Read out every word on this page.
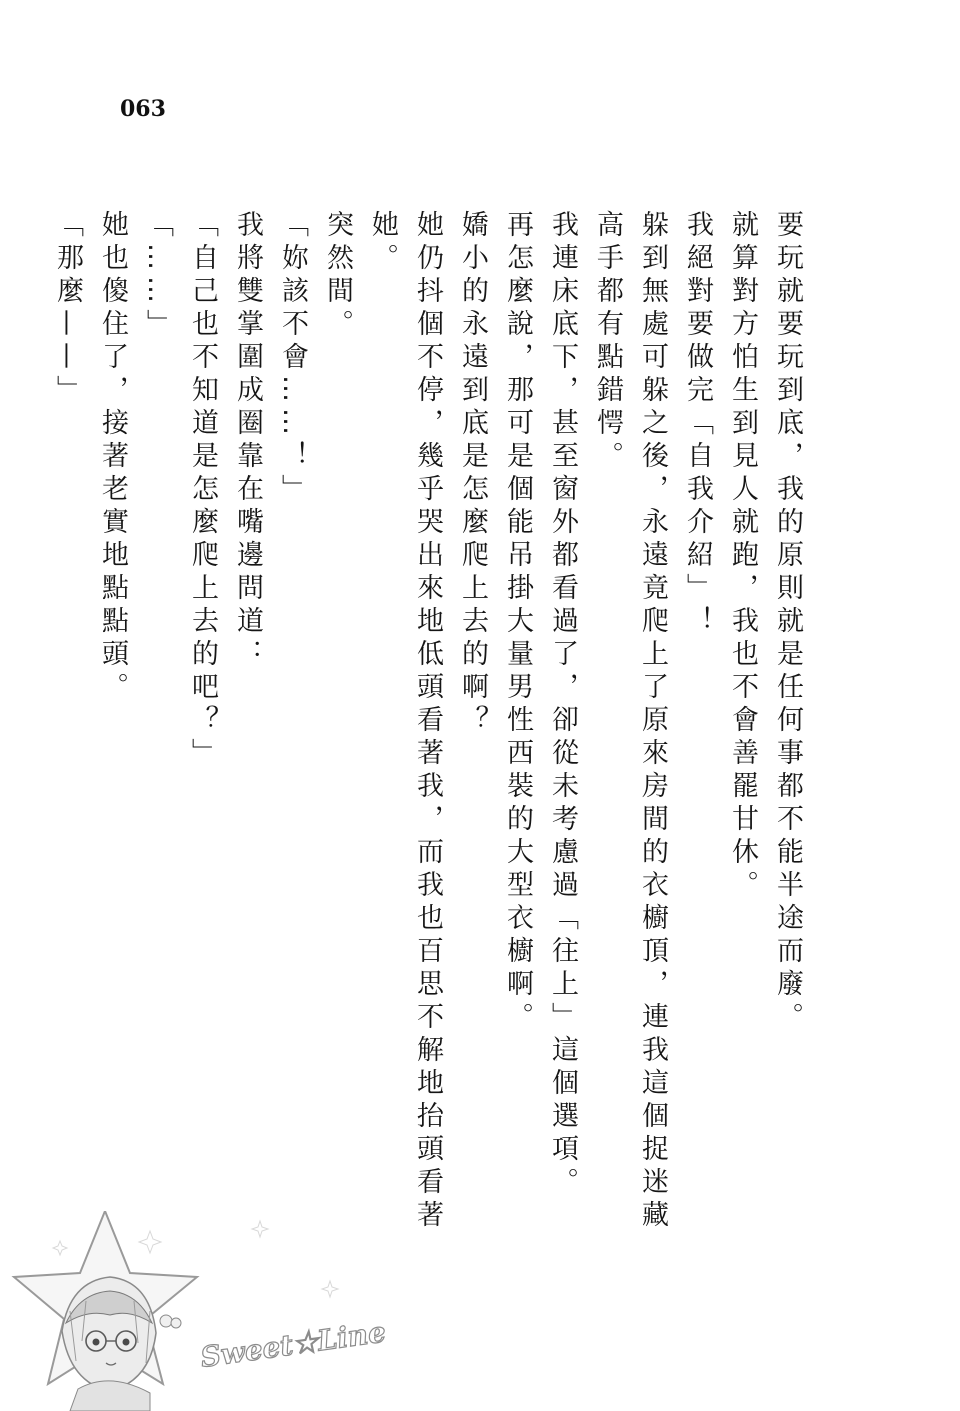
063

要玩就要玩到底，我的原則就是任何事都不能半途而廢。

就算對方怕生到見人就跑，我也不會善罷甘休。

我絕對要做完「自我介紹」！

躲到無處可躲之後，永遠竟爬上了原來房間的衣櫥頂，連我這個捉迷藏高手都有點錯愕。

我連床底下，甚至窗外都看過了，卻從未考慮過「往上」這個選項。

再怎麼說，那可是個能吊掛大量男性西裝的大型衣櫥啊。

嬌小的永遠到底是怎麼爬上去的啊？

她仍抖個不停，幾乎哭出來地低頭看著我，而我也百思不解地抬頭看著她。

突然間。

「妳該不會……！」

我將雙掌圍成圈靠在嘴邊問道：

「自己也不知道是怎麼爬上去的吧？」

「……」

她也傻住了，接著老實地點點頭。

「那麼——」

Sweet★Line
